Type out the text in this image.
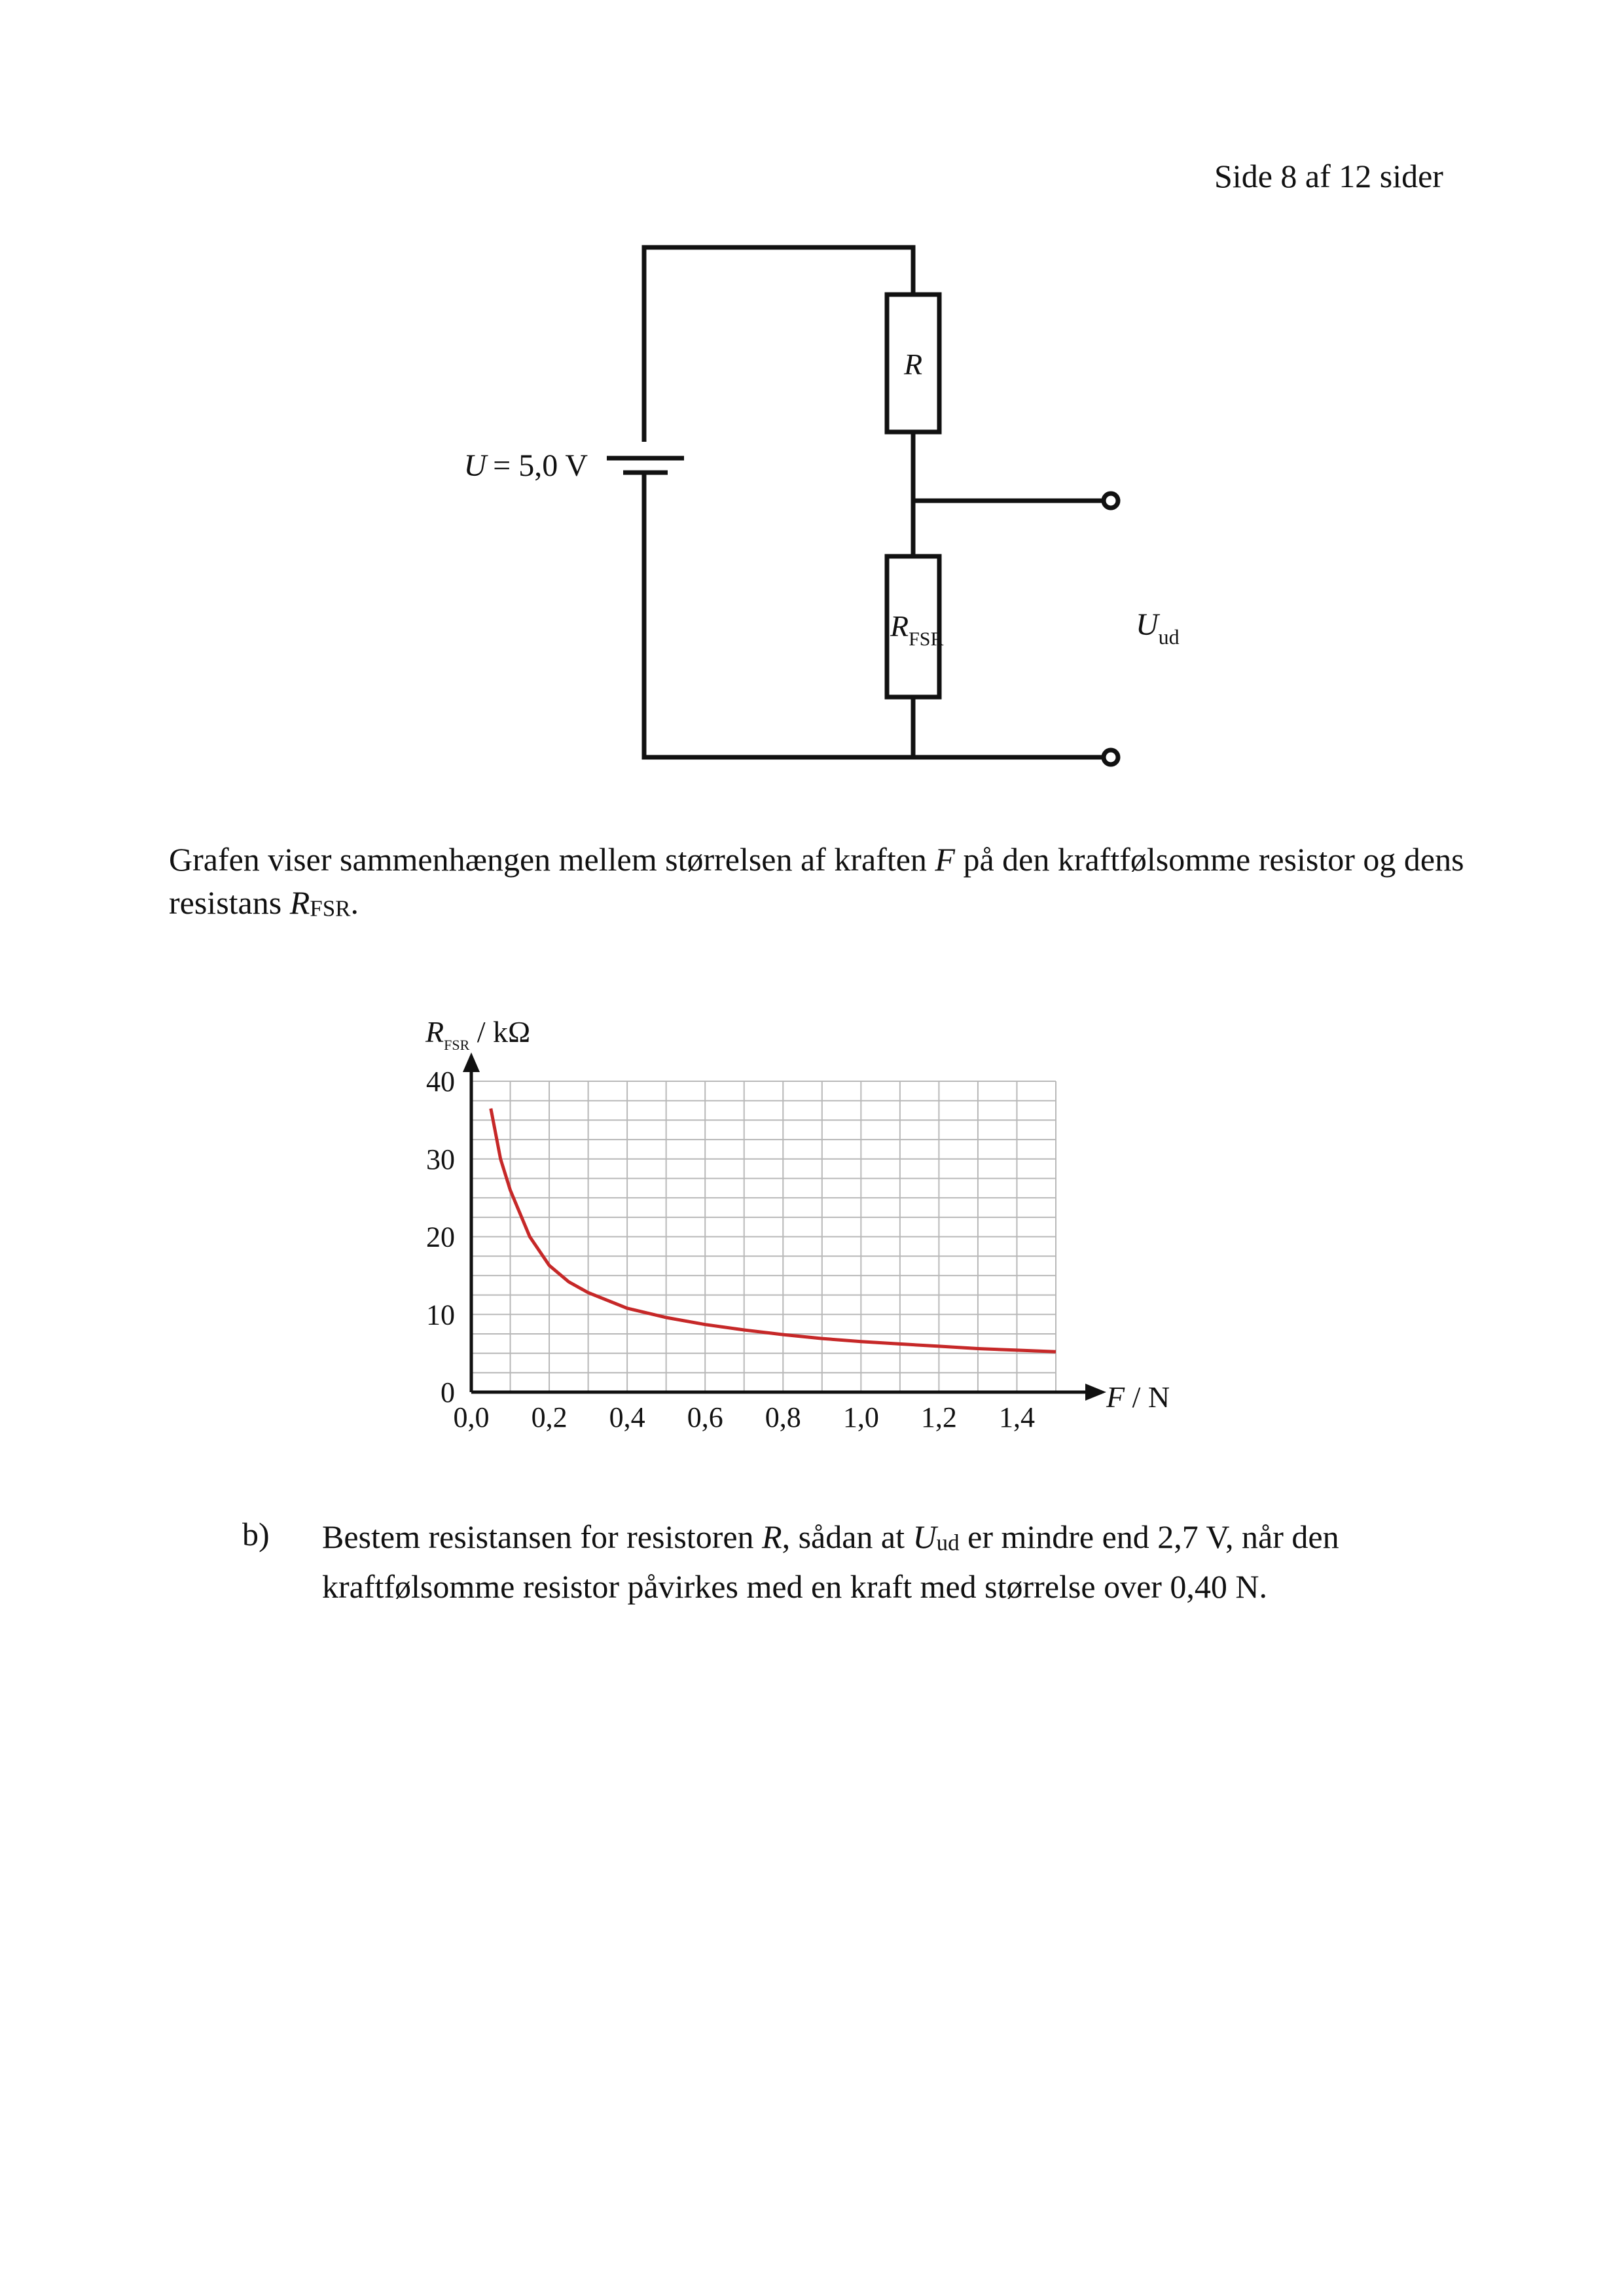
Side 8 af 12 sider
U = 5,0 V
R
$R_{FSR}$	$U_{ud}$
Grafen viser sammenhængen mellem størrelsen af kraften F på den kraftfølsomme resistor og dens resistans RFSR.
0
10
20
30
40
0,0 0,2 0,4 0,6 0,8 1,0 1,2 1,4
$R_{FSR}$ / kΩ
F / N
b) Bestem resistansen for resistoren R, sådan at Uud er mindre end 2,7 V, når den kraftfølsomme resistor påvirkes med en kraft med størrelse over 0,40 N.
